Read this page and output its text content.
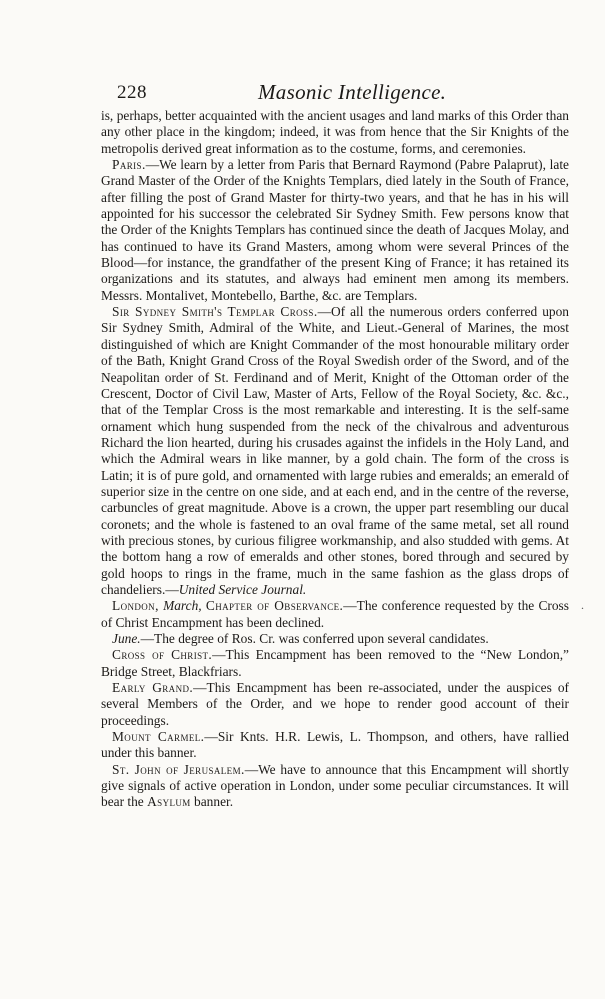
228	Masonic Intelligence.

is, perhaps, better acquainted with the ancient usages and land marks of this Order than any other place in the kingdom; indeed, it was from hence that the Sir Knights of the metropolis derived great information as to the costume, forms, and ceremonies.

Paris.—We learn by a letter from Paris that Bernard Raymond (Pabre Palaprut), late Grand Master of the Order of the Knights Templars, died lately in the South of France, after filling the post of Grand Master for thirty-two years, and that he has in his will appointed for his successor the celebrated Sir Sydney Smith. Few persons know that the Order of the Knights Templars has continued since the death of Jacques Molay, and has continued to have its Grand Masters, among whom were several Princes of the Blood—for instance, the grandfather of the present King of France; it has retained its organizations and its statutes, and always had eminent men among its members. Messrs. Montalivet, Montebello, Barthe, &c. are Templars.

Sir Sydney Smith's Templar Cross.—Of all the numerous orders conferred upon Sir Sydney Smith, Admiral of the White, and Lieut.-General of Marines, the most distinguished of which are Knight Commander of the most honourable military order of the Bath, Knight Grand Cross of the Royal Swedish order of the Sword, and of the Neapolitan order of St. Ferdinand and of Merit, Knight of the Ottoman order of the Crescent, Doctor of Civil Law, Master of Arts, Fellow of the Royal Society, &c. &c., that of the Templar Cross is the most remarkable and interesting. It is the self-same ornament which hung suspended from the neck of the chivalrous and adventurous Richard the lion hearted, during his crusades against the infidels in the Holy Land, and which the Admiral wears in like manner, by a gold chain. The form of the cross is Latin; it is of pure gold, and ornamented with large rubies and emeralds; an emerald of superior size in the centre on one side, and at each end, and in the centre of the reverse, carbuncles of great magnitude. Above is a crown, the upper part resembling our ducal coronets; and the whole is fastened to an oval frame of the same metal, set all round with precious stones, by curious filigree workmanship, and also studded with gems. At the bottom hang a row of emeralds and other stones, bored through and secured by gold hoops to rings in the frame, much in the same fashion as the glass drops of chandeliers.—United Service Journal.

London, March, Chapter of Observance.—The conference requested by the Cross of Christ Encampment has been declined.

June.—The degree of Ros. Cr. was conferred upon several candidates.

Cross of Christ.—This Encampment has been removed to the “New London,” Bridge Street, Blackfriars.

Early Grand.—This Encampment has been re-associated, under the auspices of several Members of the Order, and we hope to render good account of their proceedings.

Mount Carmel.—Sir Knts. H.R. Lewis, L. Thompson, and others, have rallied under this banner.

St. John of Jerusalem.—We have to announce that this Encampment will shortly give signals of active operation in London, under some peculiar circumstances. It will bear the Asylum banner.

.
